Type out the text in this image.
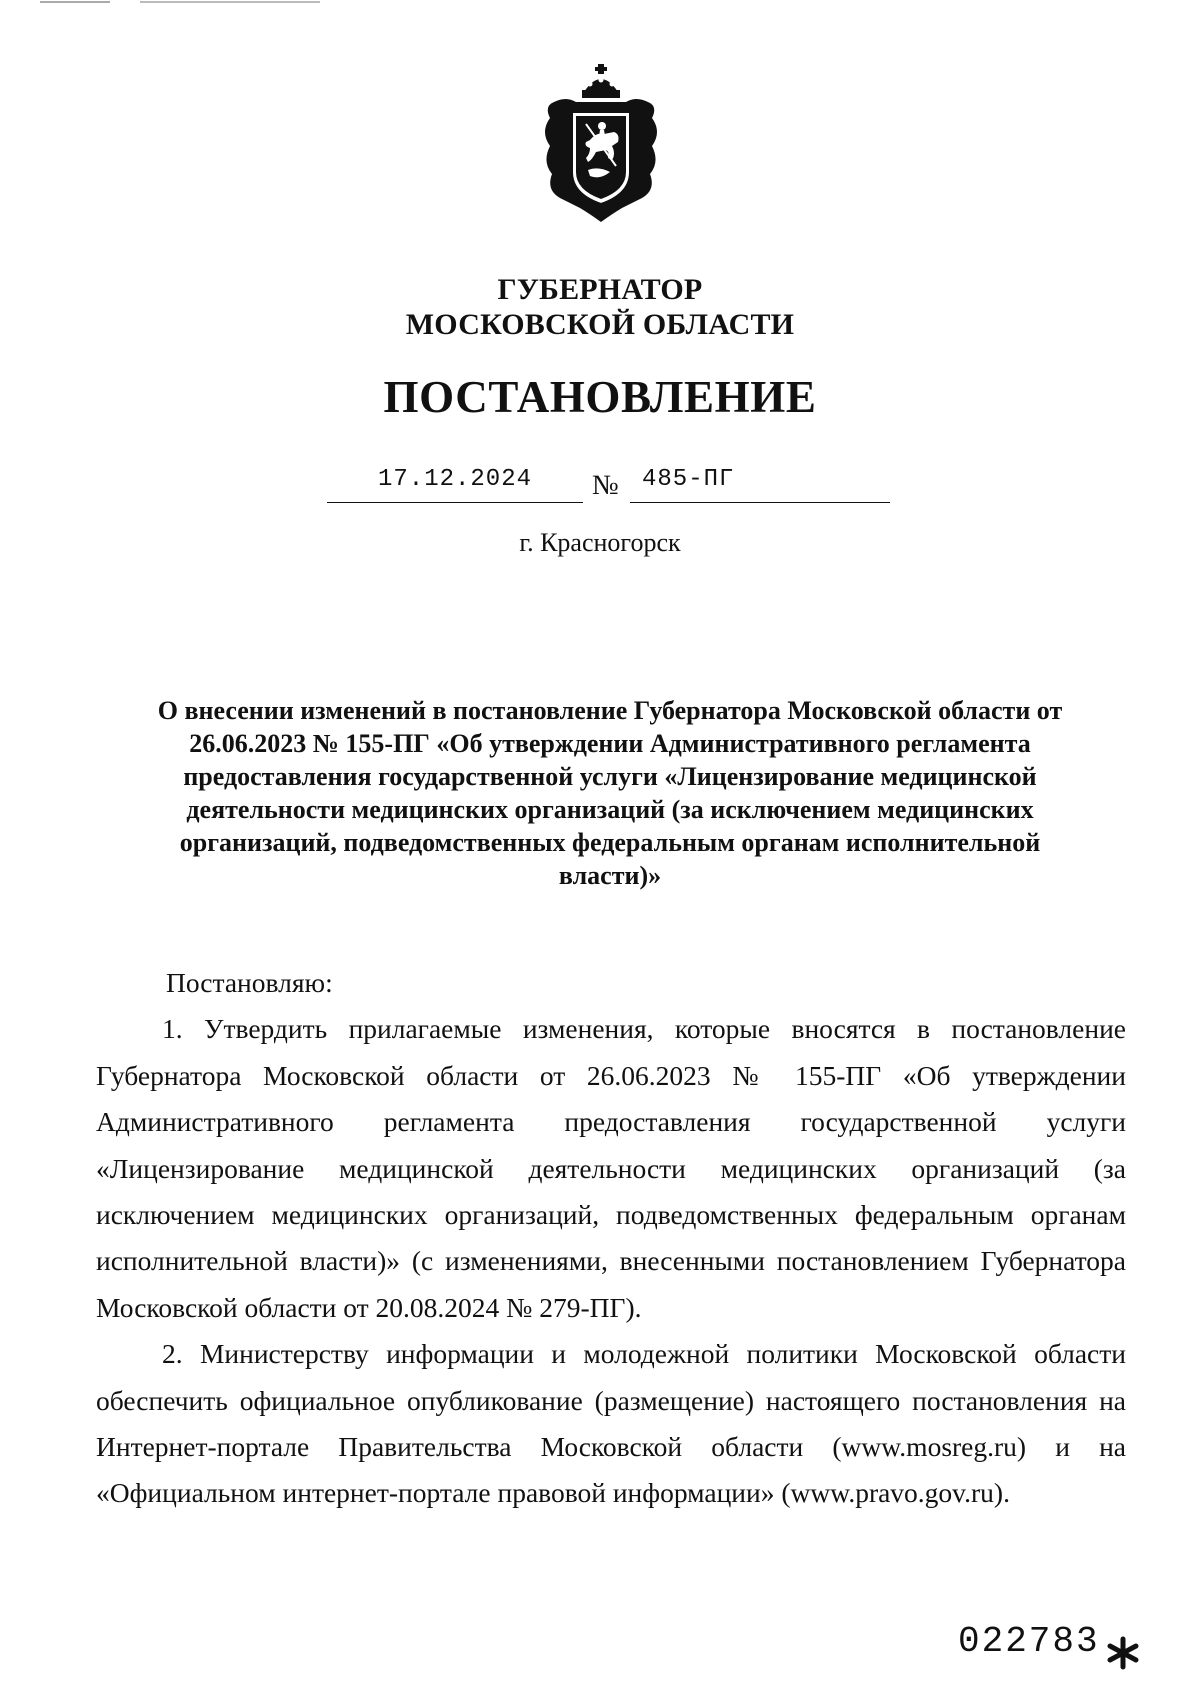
ГУБЕРНАТОР
МОСКОВСКОЙ ОБЛАСТИ
ПОСТАНОВЛЕНИЕ
17.12.2024	№ 485-ПГ
г. Красногорск
О внесении изменений в постановление Губернатора Московской области от 26.06.2023 № 155-ПГ «Об утверждении Административного регламента предоставления государственной услуги «Лицензирование медицинской деятельности медицинских организаций (за исключением медицинских организаций, подведомственных федеральным органам исполнительной власти)»

Постановляю:

1. Утвердить прилагаемые изменения, которые вносятся в постановление Губернатора Московской области от 26.06.2023 № 155-ПГ «Об утверждении Административного регламента предоставления государственной услуги «Лицензирование медицинской деятельности медицинских организаций (за исключением медицинских организаций, подведомственных федеральным органам исполнительной власти)» (с изменениями, внесенными постановлением Губернатора Московской области от 20.08.2024 № 279-ПГ).

2. Министерству информации и молодежной политики Московской области обеспечить официальное опубликование (размещение) настоящего постановления на Интернет-портале Правительства Московской области (www.mosreg.ru) и на «Официальном интернет-портале правовой информации» (www.pravo.gov.ru).

022783
